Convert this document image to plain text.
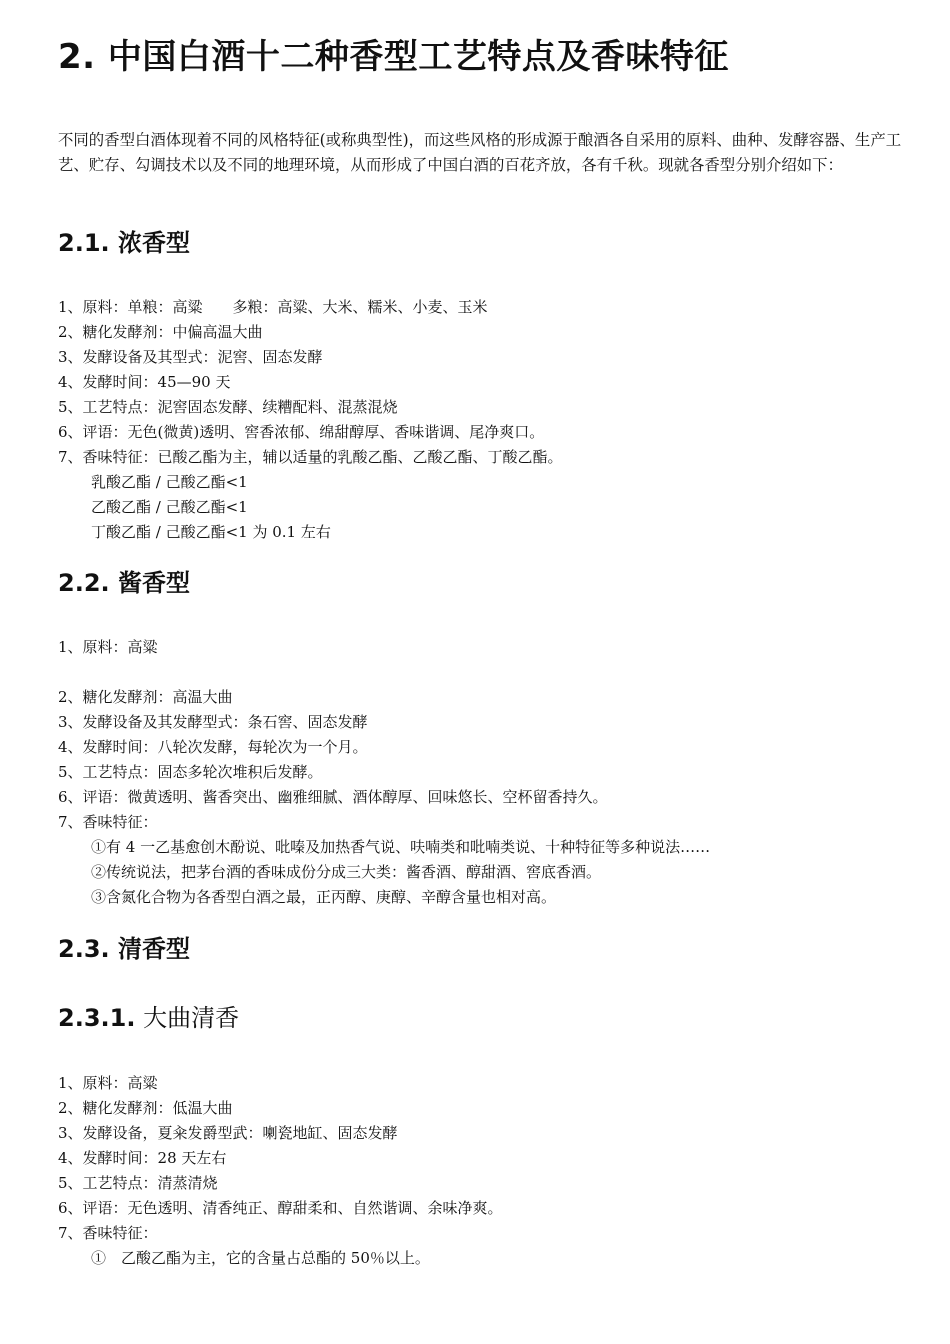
2. 中国白酒十二种香型工艺特点及香味特征
不同的香型白酒体现着不同的风格特征(或称典型性)，而这些风格的形成源于酿酒各自采用的原料、曲种、发酵容器、生产工艺、贮存、勾调技术以及不同的地理环境，从而形成了中国白酒的百花齐放，各有千秋。现就各香型分别介绍如下：
2.1. 浓香型
1、原料：单粮：高粱　　多粮：高粱、大米、糯米、小麦、玉米
2、糖化发酵剂：中偏高温大曲
3、发酵设备及其型式：泥窖、固态发酵
4、发酵时间：45—90 天
5、工艺特点：泥窖固态发酵、续糟配料、混蒸混烧
6、评语：无色(微黄)透明、窖香浓郁、绵甜醇厚、香味谐调、尾净爽口。
7、香味特征：已酸乙酯为主，辅以适量的乳酸乙酯、乙酸乙酯、丁酸乙酯。
乳酸乙酯 / 己酸乙酯<1
乙酸乙酯 / 己酸乙酯<1
丁酸乙酯 / 己酸乙酯<1 为 0.1 左右
2.2. 酱香型
1、原料：高粱
2、糖化发酵剂：高温大曲
3、发酵设备及其发酵型式：条石窖、固态发酵
4、发酵时间：八轮次发酵，每轮次为一个月。
5、工艺特点：固态多轮次堆积后发酵。
6、评语：微黄透明、酱香突出、幽雅细腻、酒体醇厚、回味悠长、空杯留香持久。
7、香味特征：
①有 4 一乙基愈创木酚说、吡嗪及加热香气说、呋喃类和吡喃类说、十种特征等多种说法……
②传统说法，把茅台酒的香味成份分成三大类：酱香酒、醇甜酒、窖底香酒。
③含氮化合物为各香型白酒之最，正丙醇、庚醇、辛醇含量也相对高。
2.3. 清香型
2.3.1. 大曲清香
1、原料：高粱
2、糖化发酵剂：低温大曲
3、发酵设备，夏籴发爵型武：喇瓷地缸、固态发酵
4、发酵时间：28 天左右
5、工艺特点：清蒸清烧
6、评语：无色透明、清香纯正、醇甜柔和、自然谐调、余味净爽。
7、香味特征：
①　乙酸乙酯为主，它的含量占总酯的 50％以上。
